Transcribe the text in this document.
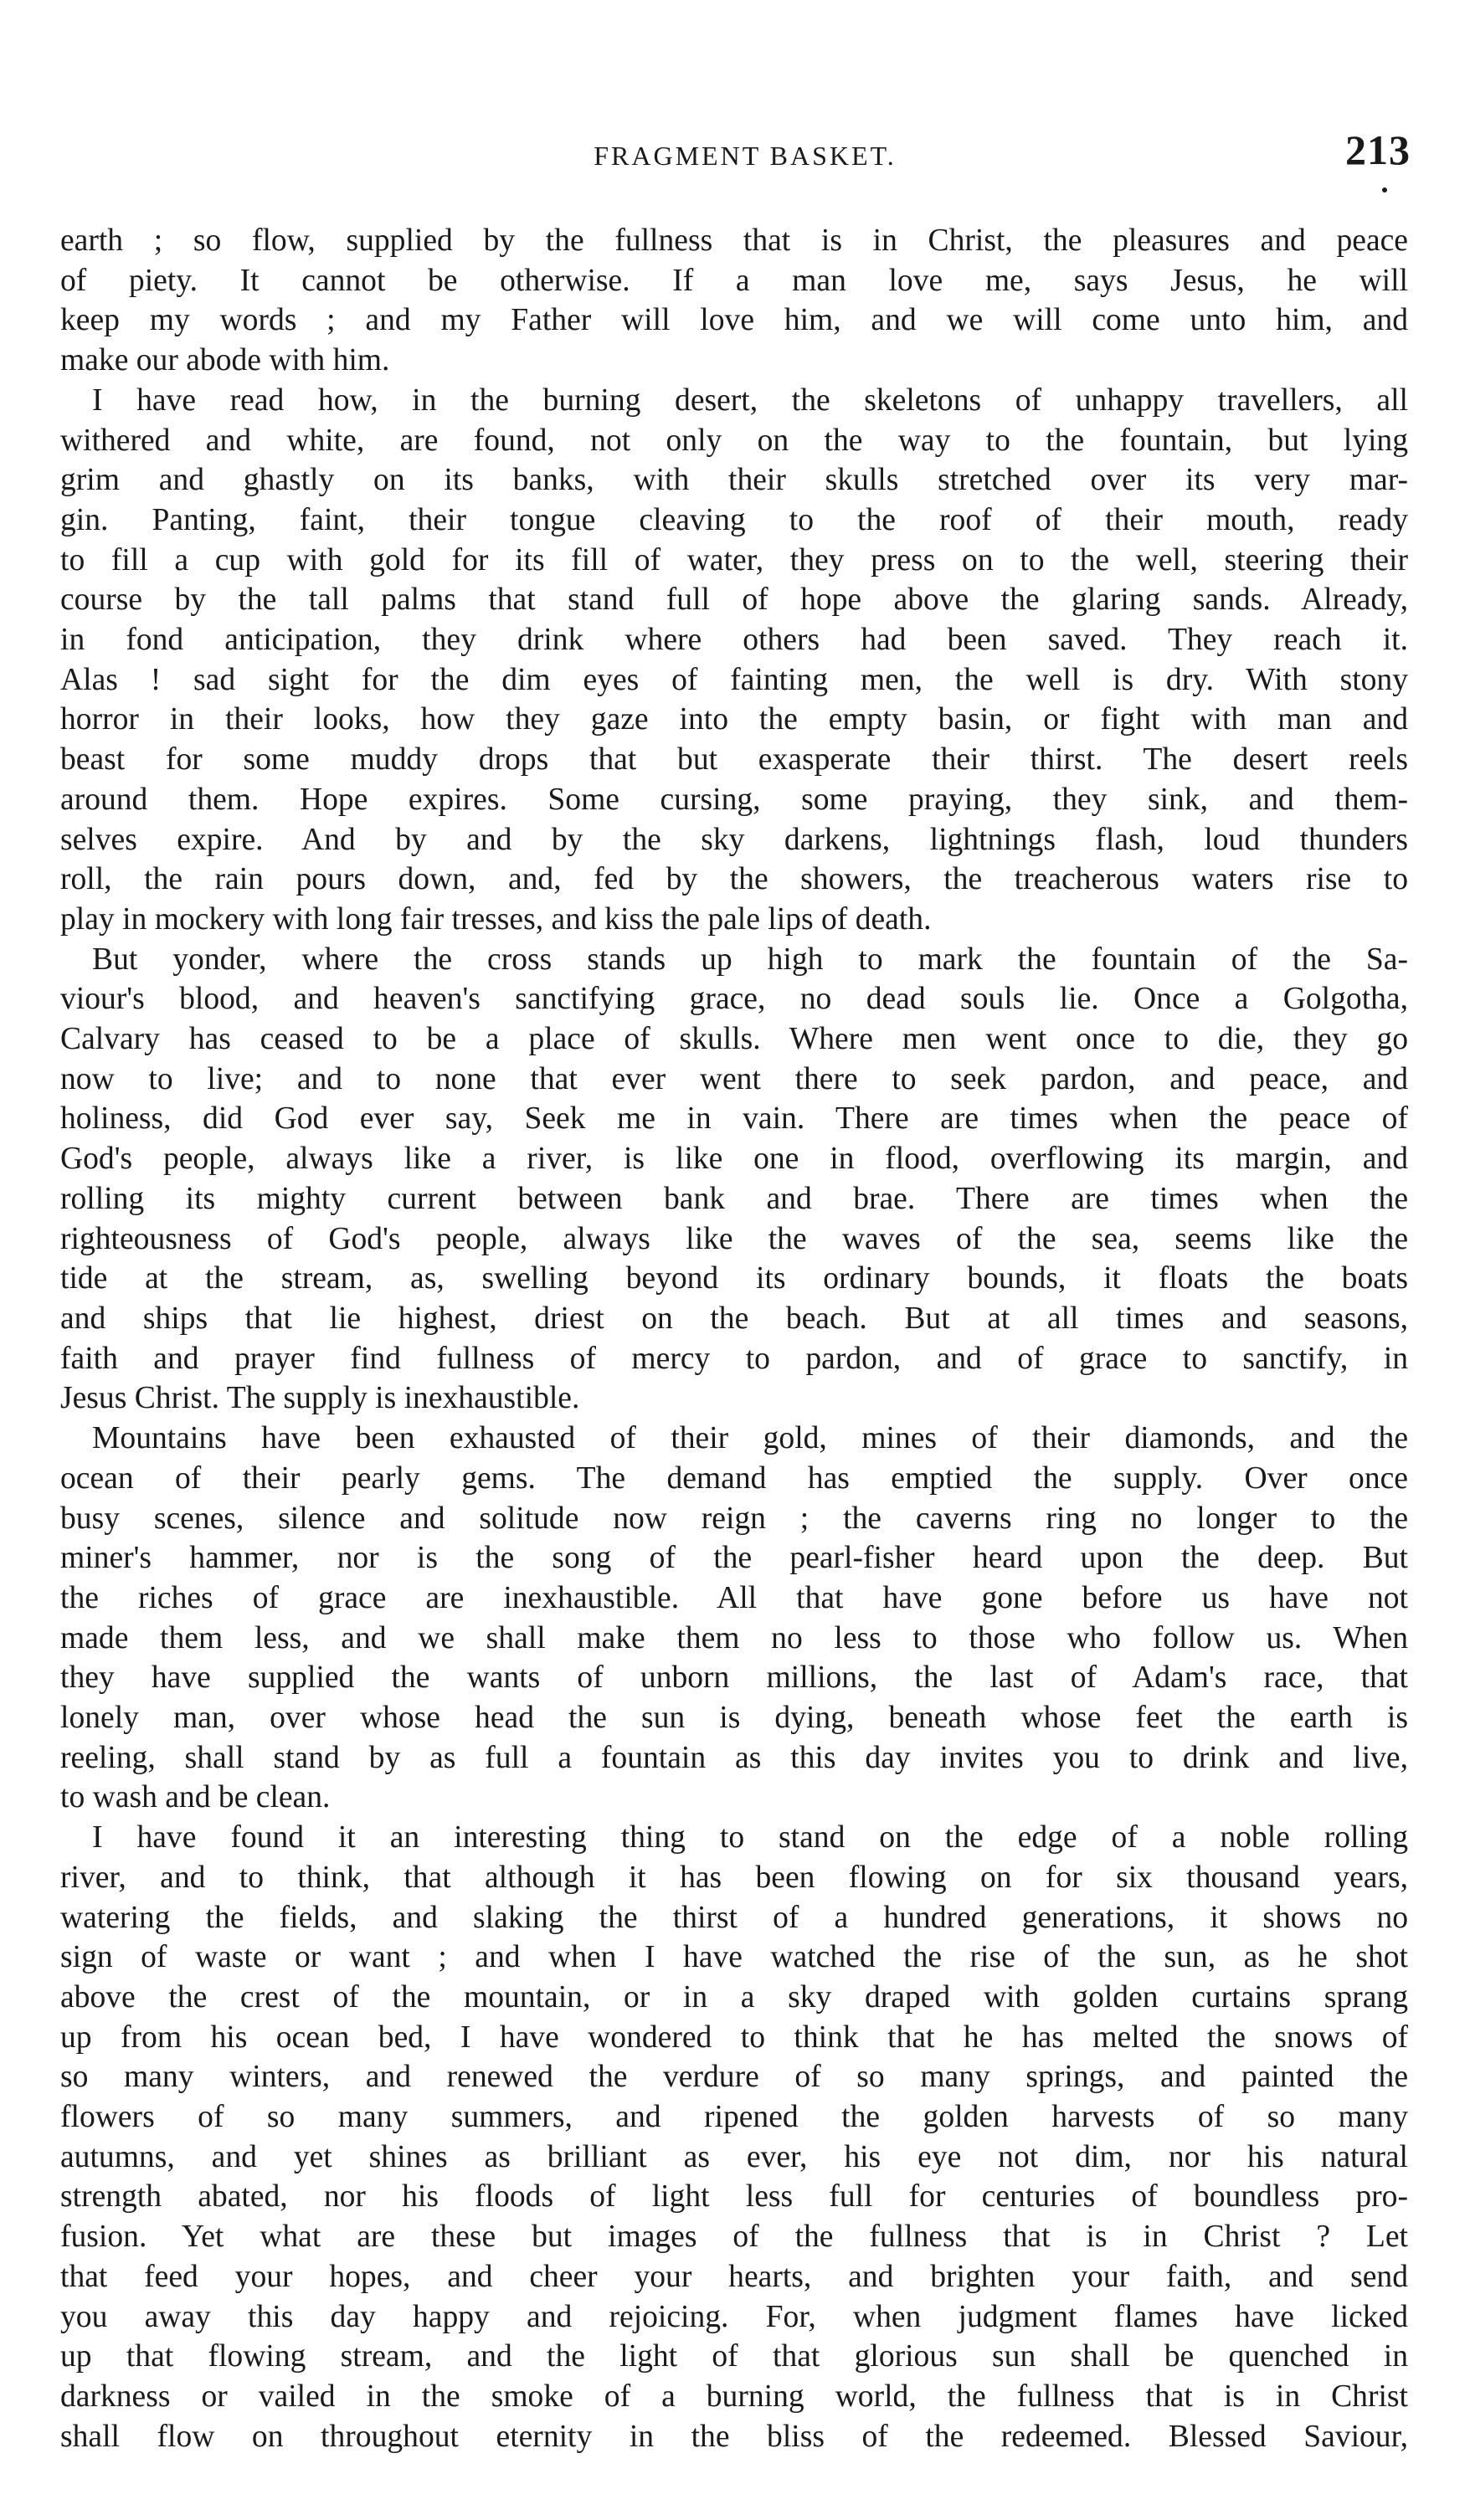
FRAGMENT BASKET.	213

earth ; so flow, supplied by the fullness that is in Christ, the pleasures and peace
of piety. It cannot be otherwise. If a man love me, says Jesus, he will
keep my words ; and my Father will love him, and we will come unto him, and
make our abode with him.

I have read how, in the burning desert, the skeletons of unhappy travellers, all
withered and white, are found, not only on the way to the fountain, but lying
grim and ghastly on its banks, with their skulls stretched over its very mar-
gin. Panting, faint, their tongue cleaving to the roof of their mouth, ready
to fill a cup with gold for its fill of water, they press on to the well, steering their
course by the tall palms that stand full of hope above the glaring sands. Already,
in fond anticipation, they drink where others had been saved. They reach it.
Alas ! sad sight for the dim eyes of fainting men, the well is dry. With stony
horror in their looks, how they gaze into the empty basin, or fight with man and
beast for some muddy drops that but exasperate their thirst. The desert reels
around them. Hope expires. Some cursing, some praying, they sink, and them-
selves expire. And by and by the sky darkens, lightnings flash, loud thunders
roll, the rain pours down, and, fed by the showers, the treacherous waters rise to
play in mockery with long fair tresses, and kiss the pale lips of death.

But yonder, where the cross stands up high to mark the fountain of the Sa-
viour's blood, and heaven's sanctifying grace, no dead souls lie. Once a Golgotha,
Calvary has ceased to be a place of skulls. Where men went once to die, they go
now to live; and to none that ever went there to seek pardon, and peace, and
holiness, did God ever say, Seek me in vain. There are times when the peace of
God's people, always like a river, is like one in flood, overflowing its margin, and
rolling its mighty current between bank and brae. There are times when the
righteousness of God's people, always like the waves of the sea, seems like the
tide at the stream, as, swelling beyond its ordinary bounds, it floats the boats
and ships that lie highest, driest on the beach. But at all times and seasons,
faith and prayer find fullness of mercy to pardon, and of grace to sanctify, in
Jesus Christ. The supply is inexhaustible.

Mountains have been exhausted of their gold, mines of their diamonds, and the
ocean of their pearly gems. The demand has emptied the supply. Over once
busy scenes, silence and solitude now reign ; the caverns ring no longer to the
miner's hammer, nor is the song of the pearl-fisher heard upon the deep. But
the riches of grace are inexhaustible. All that have gone before us have not
made them less, and we shall make them no less to those who follow us. When
they have supplied the wants of unborn millions, the last of Adam's race, that
lonely man, over whose head the sun is dying, beneath whose feet the earth is
reeling, shall stand by as full a fountain as this day invites you to drink and live,
to wash and be clean.

I have found it an interesting thing to stand on the edge of a noble rolling
river, and to think, that although it has been flowing on for six thousand years,
watering the fields, and slaking the thirst of a hundred generations, it shows no
sign of waste or want ; and when I have watched the rise of the sun, as he shot
above the crest of the mountain, or in a sky draped with golden curtains sprang
up from his ocean bed, I have wondered to think that he has melted the snows of
so many winters, and renewed the verdure of so many springs, and painted the
flowers of so many summers, and ripened the golden harvests of so many
autumns, and yet shines as brilliant as ever, his eye not dim, nor his natural
strength abated, nor his floods of light less full for centuries of boundless pro-
fusion. Yet what are these but images of the fullness that is in Christ ? Let
that feed your hopes, and cheer your hearts, and brighten your faith, and send
you away this day happy and rejoicing. For, when judgment flames have licked
up that flowing stream, and the light of that glorious sun shall be quenched in
darkness or vailed in the smoke of a burning world, the fullness that is in Christ
shall flow on throughout eternity in the bliss of the redeemed. Blessed Saviour,
